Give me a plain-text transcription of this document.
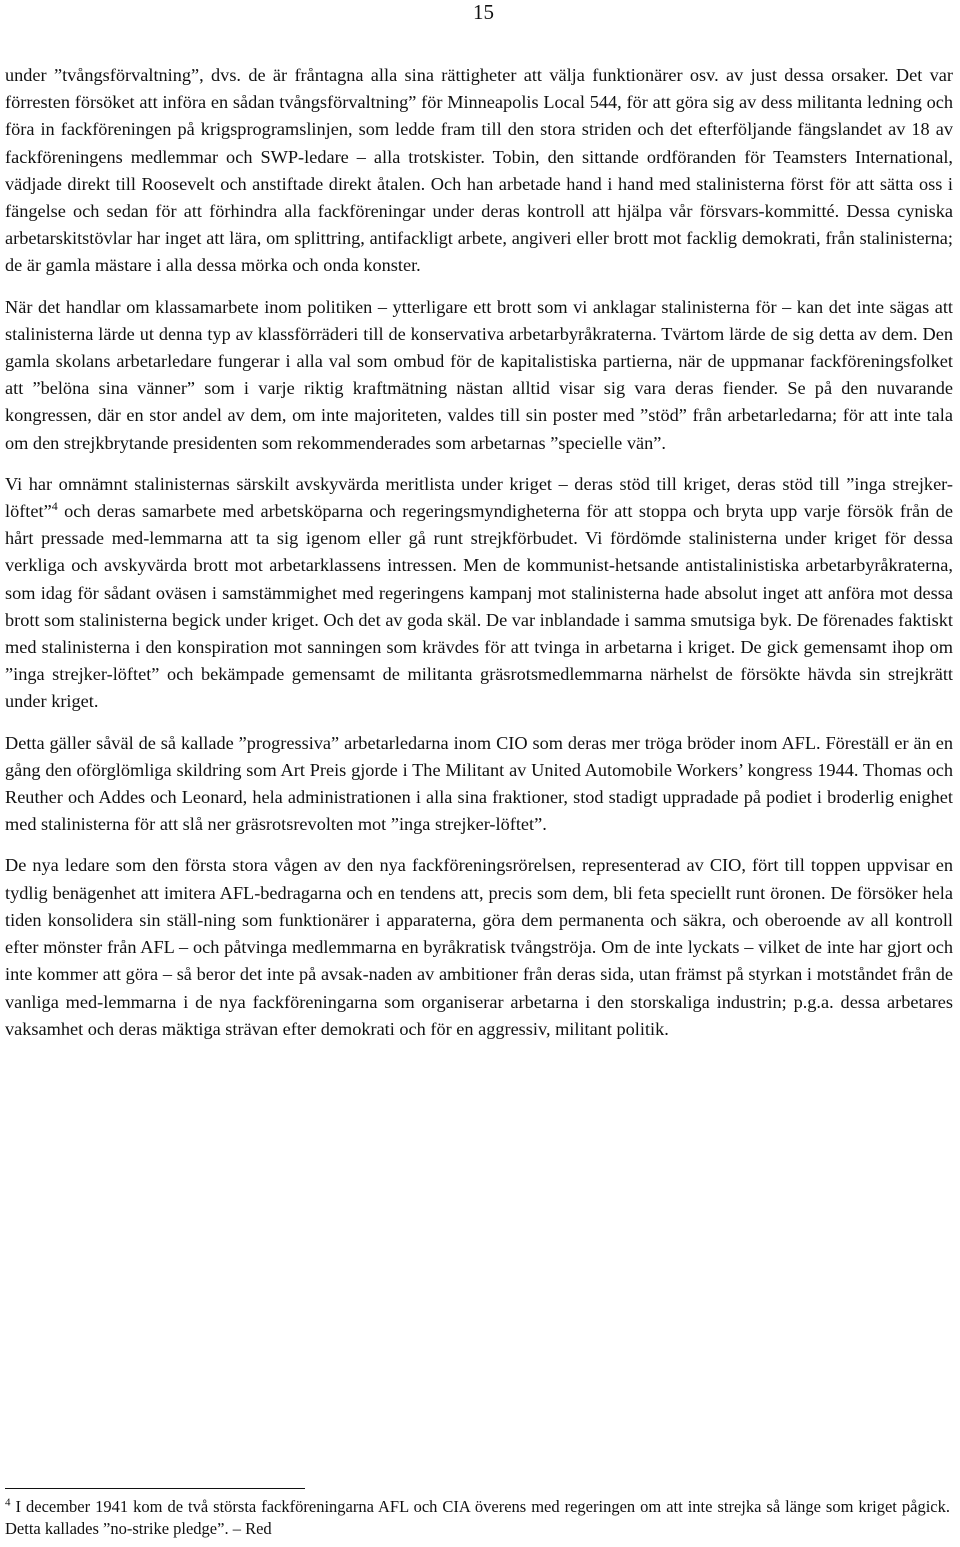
15

under ”tvångsförvaltning”, dvs. de är fråntagna alla sina rättigheter att välja funktionärer osv. av just dessa orsaker. Det var förresten försöket att införa en sådan tvångsförvaltning” för Minneapolis Local 544, för att göra sig av dess militanta ledning och föra in fackföreningen på krigsprogramslinjen, som ledde fram till den stora striden och det efterföljande fängslandet av 18 av fackföreningens medlemmar och SWP-ledare – alla trotskister. Tobin, den sittande ordföranden för Teamsters International, vädjade direkt till Roosevelt och anstiftade direkt åtalen. Och han arbetade hand i hand med stalinisterna först för att sätta oss i fängelse och sedan för att förhindra alla fackföreningar under deras kontroll att hjälpa vår försvars-kommitté. Dessa cyniska arbetarskitstövlar har inget att lära, om splittring, antifackligt arbete, angiveri eller brott mot facklig demokrati, från stalinisterna; de är gamla mästare i alla dessa mörka och onda konster.

När det handlar om klassamarbete inom politiken – ytterligare ett brott som vi anklagar stalinisterna för – kan det inte sägas att stalinisterna lärde ut denna typ av klassförräderi till de konservativa arbetarbyråkraterna. Tvärtom lärde de sig detta av dem. Den gamla skolans arbetarledare fungerar i alla val som ombud för de kapitalistiska partierna, när de uppmanar fackföreningsfolket att ”belöna sina vänner” som i varje riktig kraftmätning nästan alltid visar sig vara deras fiender. Se på den nuvarande kongressen, där en stor andel av dem, om inte majoriteten, valdes till sin poster med ”stöd” från arbetarledarna; för att inte tala om den strejkbrytande presidenten som rekommenderades som arbetarnas ”specielle vän”.

Vi har omnämnt stalinisternas särskilt avskyvärda meritlista under kriget – deras stöd till kriget, deras stöd till ”inga strejker-löftet”$^4$ och deras samarbete med arbetsköparna och regeringsmyndigheterna för att stoppa och bryta upp varje försök från de hårt pressade med-lemmarna att ta sig igenom eller gå runt strejkförbudet. Vi fördömde stalinisterna under kriget för dessa verkliga och avskyvärda brott mot arbetarklassens intressen. Men de kommunist-hetsande antistalinistiska arbetarbyråkraterna, som idag för sådant oväsen i samstämmighet med regeringens kampanj mot stalinisterna hade absolut inget att anföra mot dessa brott som stalinisterna begick under kriget. Och det av goda skäl. De var inblandade i samma smutsiga byk. De förenades faktiskt med stalinisterna i den konspiration mot sanningen som krävdes för att tvinga in arbetarna i kriget. De gick gemensamt ihop om ”inga strejker-löftet” och bekämpade gemensamt de militanta gräsrotsmedlemmarna närhelst de försökte hävda sin strejkrätt under kriget.

Detta gäller såväl de så kallade ”progressiva” arbetarledarna inom CIO som deras mer tröga bröder inom AFL. Föreställ er än en gång den oförglömliga skildring som Art Preis gjorde i The Militant av United Automobile Workers’ kongress 1944. Thomas och Reuther och Addes och Leonard, hela administrationen i alla sina fraktioner, stod stadigt uppradade på podiet i broderlig enighet med stalinisterna för att slå ner gräsrotsrevolten mot ”inga strejker-löftet”.

De nya ledare som den första stora vågen av den nya fackföreningsrörelsen, representerad av CIO, fört till toppen uppvisar en tydlig benägenhet att imitera AFL-bedragarna och en tendens att, precis som dem, bli feta speciellt runt öronen. De försöker hela tiden konsolidera sin ställ-ning som funktionärer i apparaterna, göra dem permanenta och säkra, och oberoende av all kontroll efter mönster från AFL – och påtvinga medlemmarna en byråkratisk tvångströja. Om de inte lyckats – vilket de inte har gjort och inte kommer att göra – så beror det inte på avsak-naden av ambitioner från deras sida, utan främst på styrkan i motståndet från de vanliga med-lemmarna i de nya fackföreningarna som organiserar arbetarna i den storskaliga industrin; p.g.a. dessa arbetares vaksamhet och deras mäktiga strävan efter demokrati och för en aggressiv, militant politik.

$^4$ I december 1941 kom de två största fackföreningarna AFL och CIA överens med regeringen om att inte strejka så länge som kriget pågick. Detta kallades ”no-strike pledge”. – Red
